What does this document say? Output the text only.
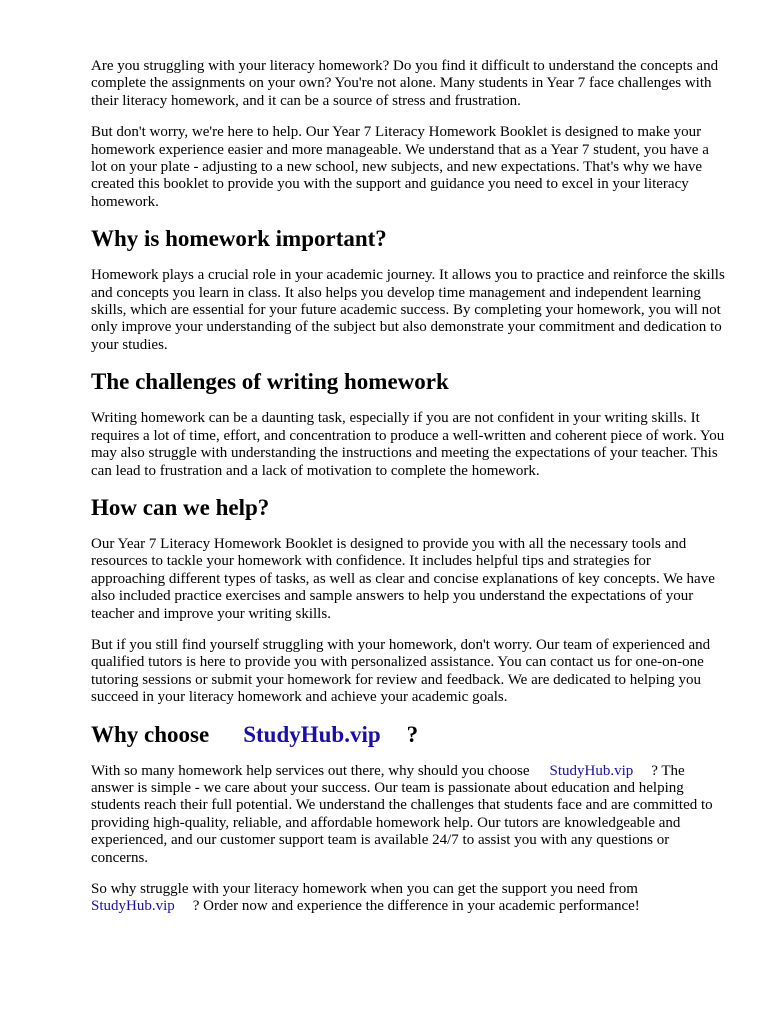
Are you struggling with your literacy homework? Do you find it difficult to understand the concepts and complete the assignments on your own? You're not alone. Many students in Year 7 face challenges with their literacy homework, and it can be a source of stress and frustration.

But don't worry, we're here to help. Our Year 7 Literacy Homework Booklet is designed to make your homework experience easier and more manageable. We understand that as a Year 7 student, you have a lot on your plate - adjusting to a new school, new subjects, and new expectations. That's why we have created this booklet to provide you with the support and guidance you need to excel in your literacy homework.

Why is homework important?

Homework plays a crucial role in your academic journey. It allows you to practice and reinforce the skills and concepts you learn in class. It also helps you develop time management and independent learning skills, which are essential for your future academic success. By completing your homework, you will not only improve your understanding of the subject but also demonstrate your commitment and dedication to your studies.

The challenges of writing homework

Writing homework can be a daunting task, especially if you are not confident in your writing skills. It requires a lot of time, effort, and concentration to produce a well-written and coherent piece of work. You may also struggle with understanding the instructions and meeting the expectations of your teacher. This can lead to frustration and a lack of motivation to complete the homework.

How can we help?

Our Year 7 Literacy Homework Booklet is designed to provide you with all the necessary tools and resources to tackle your homework with confidence. It includes helpful tips and strategies for approaching different types of tasks, as well as clear and concise explanations of key concepts. We have also included practice exercises and sample answers to help you understand the expectations of your teacher and improve your writing skills.

But if you still find yourself struggling with your homework, don't worry. Our team of experienced and qualified tutors is here to provide you with personalized assistance. You can contact us for one-on-one tutoring sessions or submit your homework for review and feedback. We are dedicated to helping you succeed in your literacy homework and achieve your academic goals.

Why choose StudyHub.vip ?

With so many homework help services out there, why should you choose StudyHub.vip ? The answer is simple - we care about your success. Our team is passionate about education and helping students reach their full potential. We understand the challenges that students face and are committed to providing high-quality, reliable, and affordable homework help. Our tutors are knowledgeable and experienced, and our customer support team is available 24/7 to assist you with any questions or concerns.

So why struggle with your literacy homework when you can get the support you need from StudyHub.vip ? Order now and experience the difference in your academic performance!
